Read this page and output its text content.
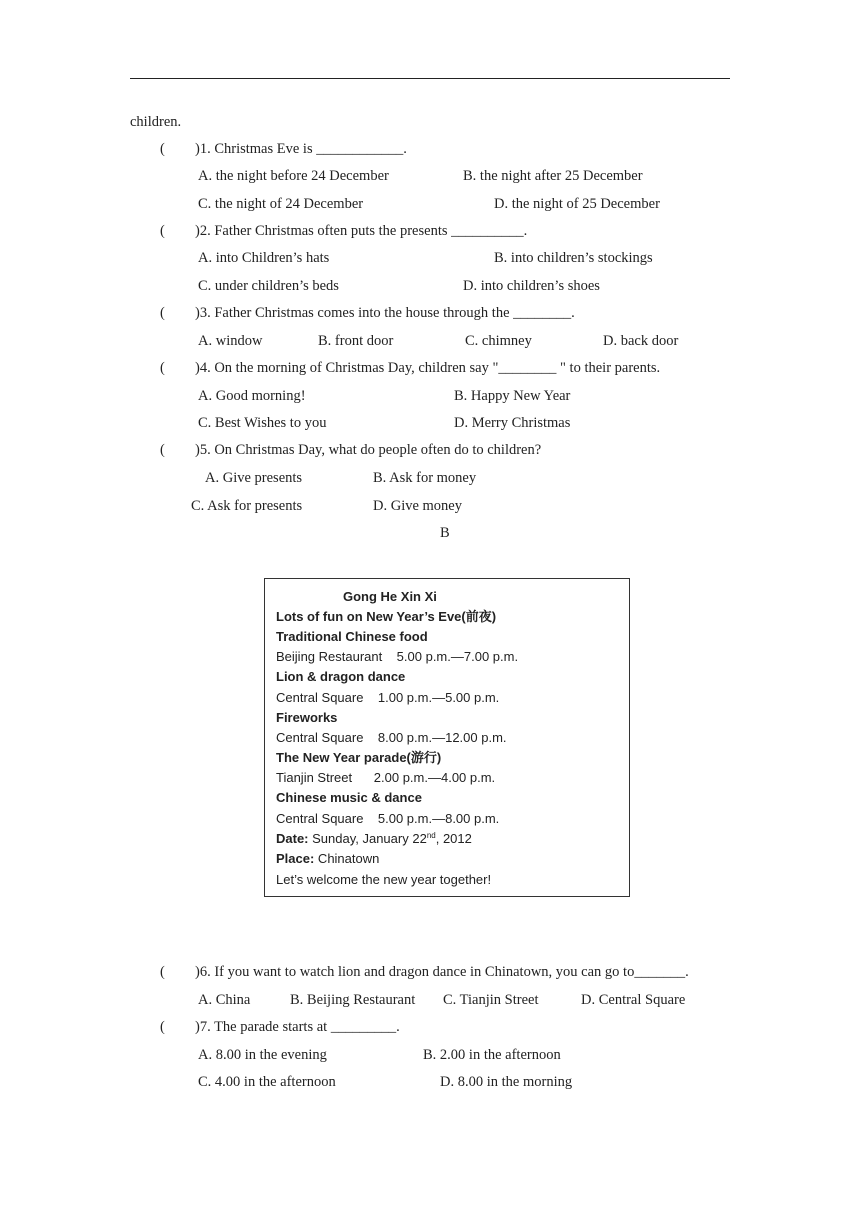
children.
( )1. Christmas Eve is ____________.
A. the night before 24 December	B. the night after 25 December
C. the night of 24 December	D. the night of 25 December
( )2. Father Christmas often puts the presents __________.
A. into Children’s hats	B. into children’s stockings
C. under children’s beds	D. into children’s shoes
( )3. Father Christmas comes into the house through the ________.
A. window	B. front door	C. chimney	D. back door
( )4. On the morning of Christmas Day, children say "________ " to their parents.
A. Good morning!	B. Happy New Year
C. Best Wishes to you	D. Merry Christmas
( )5. On Christmas Day, what do people often do to children?
A. Give presents	B. Ask for money
C. Ask for presents	D. Give money
B
Gong He Xin Xi
Lots of fun on New Year’s Eve(前夜)
Traditional Chinese food
Beijing Restaurant    5.00 p.m.—7.00 p.m.
Lion & dragon dance
Central Square    1.00 p.m.—5.00 p.m.
Fireworks
Central Square    8.00 p.m.—12.00 p.m.
The New Year parade(游行)
Tianjin Street      2.00 p.m.—4.00 p.m.
Chinese music & dance
Central Square    5.00 p.m.—8.00 p.m.
Date: Sunday, January 22nd, 2012
Place: Chinatown
Let’s welcome the new year together!
( )6. If you want to watch lion and dragon dance in Chinatown, you can go to_______.
A. China	B. Beijing Restaurant C. Tianjin Street	D. Central Square
( )7. The parade starts at _________.
A. 8.00 in the evening	B. 2.00 in the afternoon
C. 4.00 in the afternoon	D. 8.00 in the morning
